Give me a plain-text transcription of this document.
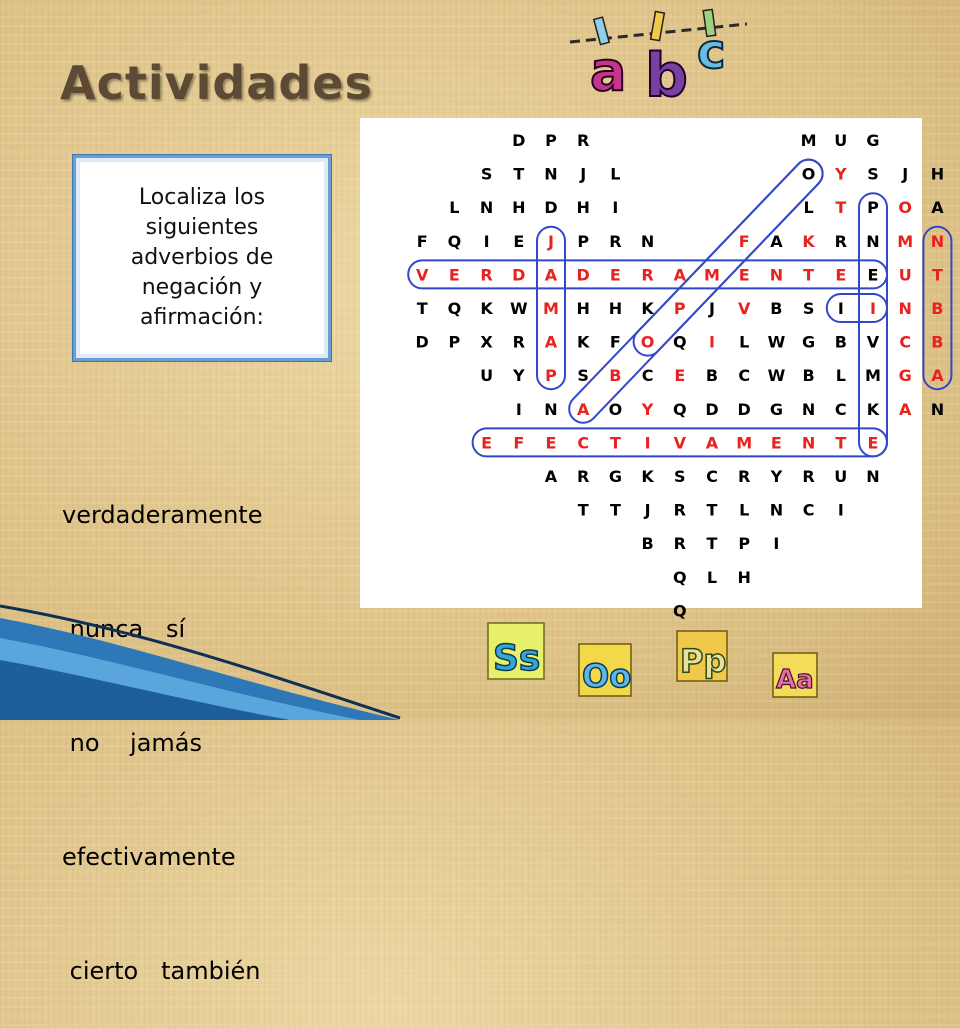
Actividades	a b c
Localiza los siguientes adverbios de negación y afirmación:

verdaderamente

nunca   sí

no    jamás

efectivamente

cierto   también

D P R	M U G
S T N J L	O Y S J H
L N H D H I	L T P O A
F Q I E J P R N	F A K R N M N
V E R D A D E R A M E N T E E U T
T Q K W M H H K P J V B S I I N B
D P X R A K F O Q I L W G B V C B
U Y P S B C E B C W B L M G A
I N A O Y Q D D G N C K A N
E F E C T I V A M E N T E
A R G K S C R Y R U N
T T J R T L N C I
B R T P I
Q L H
Q
Ss Oo Pp Aa
